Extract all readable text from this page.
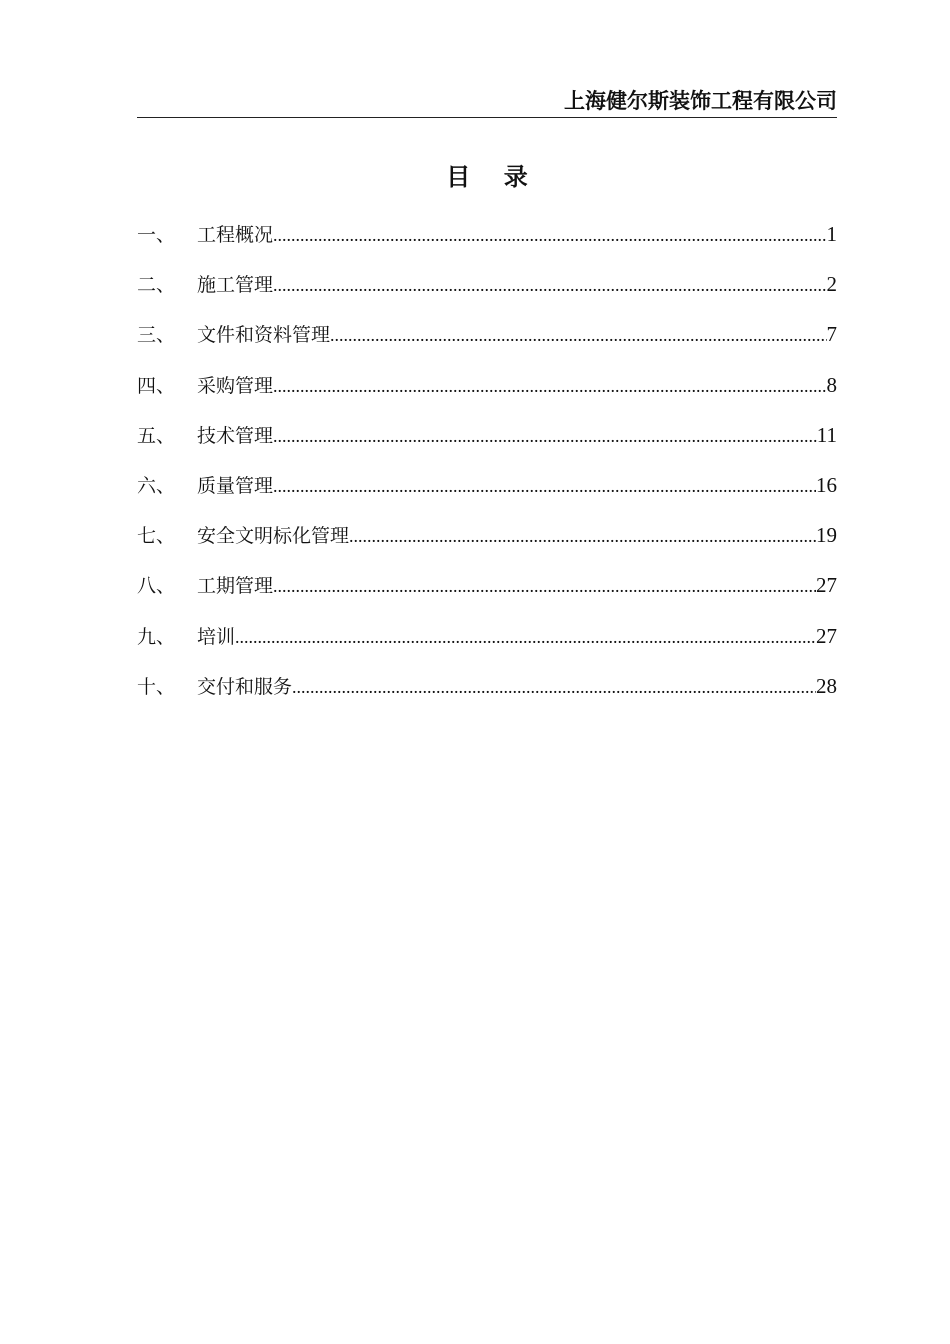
上海健尔斯装饰工程有限公司
目    录
一、	工程概况 .....	1
二、	施工管理 .....	2
三、	文件和资料管理 .....	7
四、	采购管理 .....	8
五、	技术管理 .....	11
六、	质量管理 .....	16
七、	安全文明标化管理 .....	19
八、	工期管理 .....	27
九、	培训 .....	27
十、	交付和服务 .....	28
